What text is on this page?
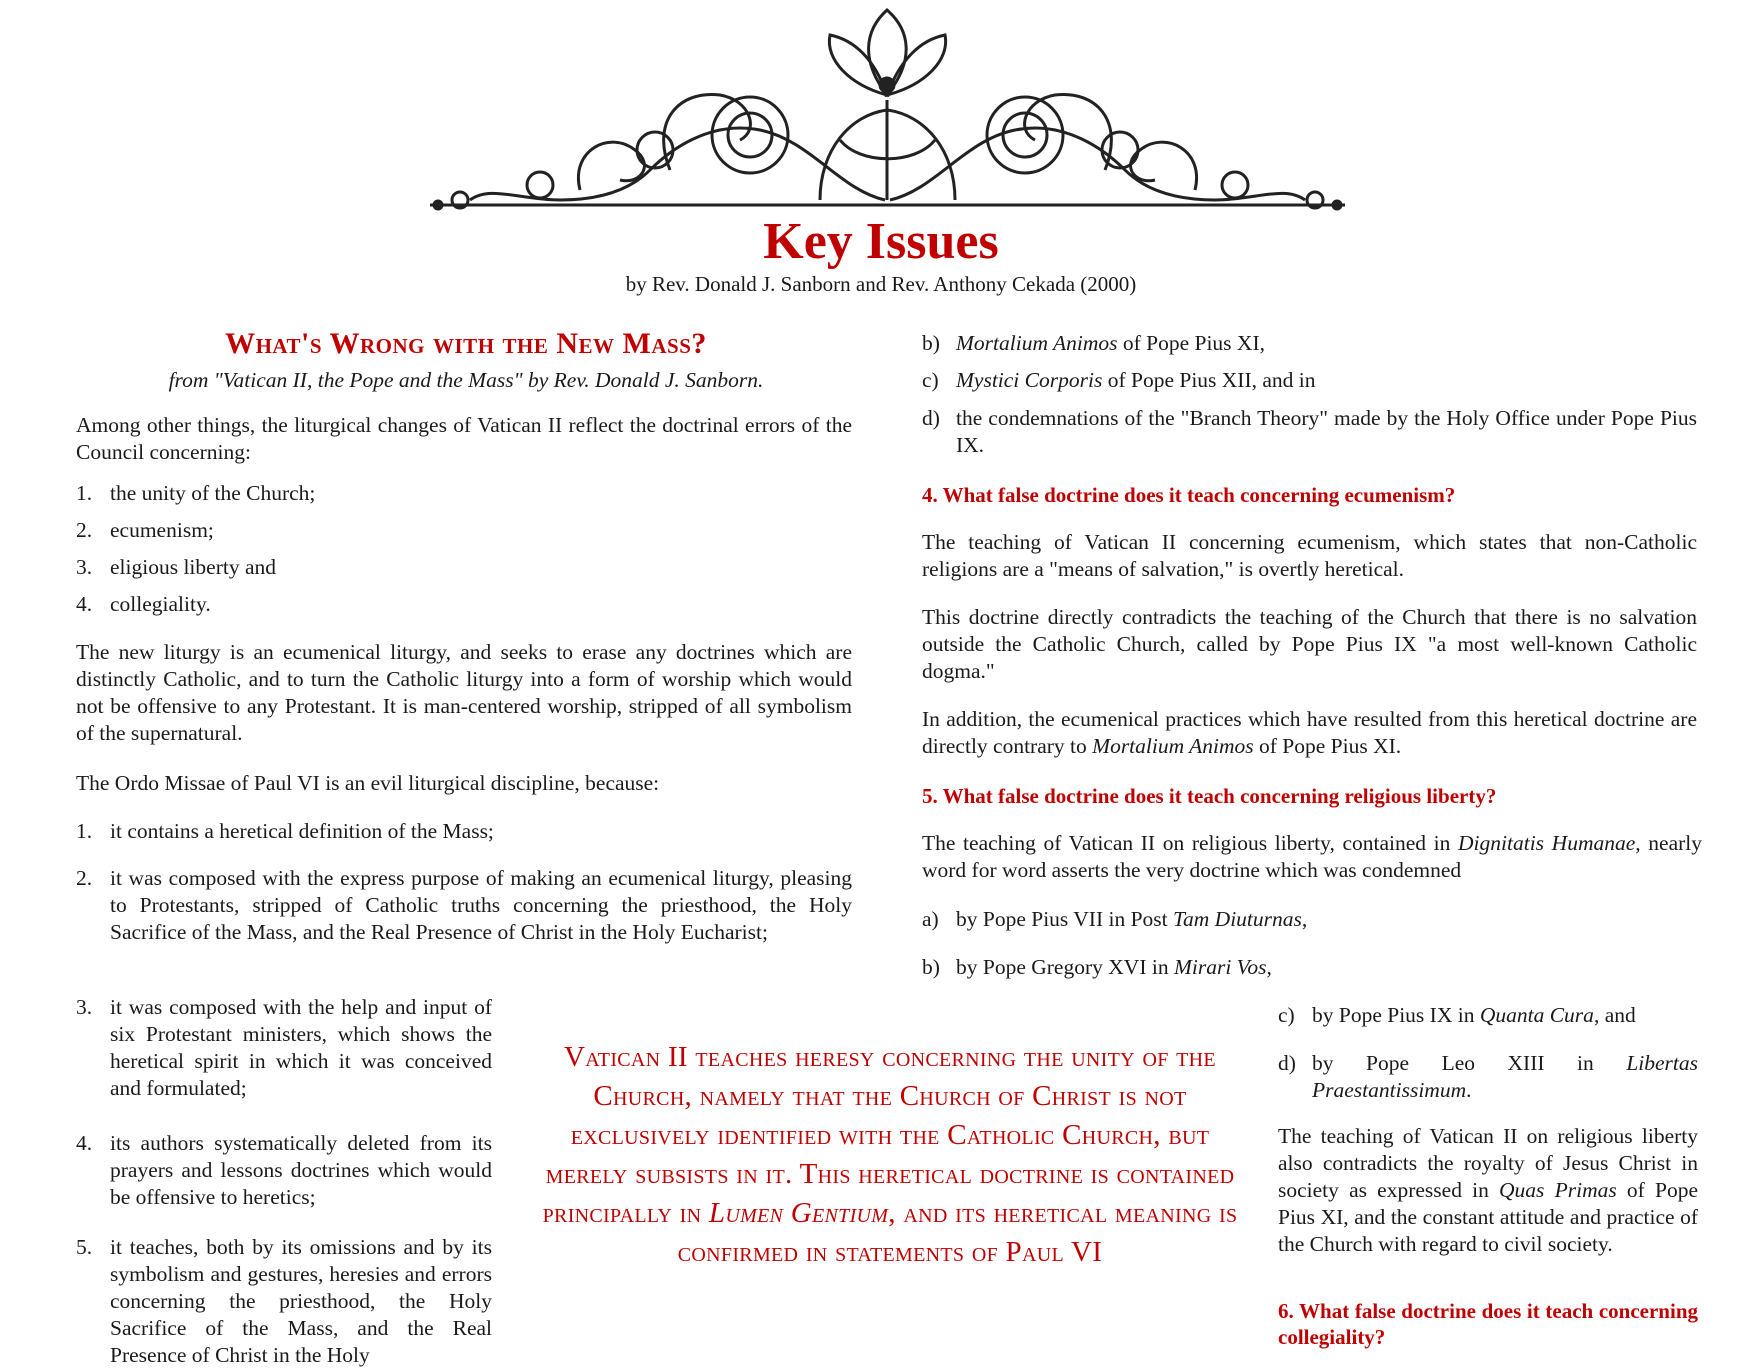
Key Issues
by Rev. Donald J. Sanborn and Rev. Anthony Cekada (2000)
What's Wrong with the New Mass?
from "Vatican II, the Pope and the Mass" by Rev. Donald J. Sanborn.

Among other things, the liturgical changes of Vatican II reflect the doctrinal errors of the Council concerning:

1. the unity of the Church;
2. ecumenism;
3. eligious liberty and
4. collegiality.

The new liturgy is an ecumenical liturgy, and seeks to erase any doctrines which are distinctly Catholic, and to turn the Catholic liturgy into a form of worship which would not be offensive to any Protestant. It is man-centered worship, stripped of all symbolism of the supernatural.

The Ordo Missae of Paul VI is an evil liturgical discipline, because:

1. it contains a heretical definition of the Mass;
2. it was composed with the express purpose of making an ecumenical liturgy, pleasing to Protestants, stripped of Catholic truths concerning the priesthood, the Holy Sacrifice of the Mass, and the Real Presence of Christ in the Holy Eucharist;
3. it was composed with the help and input of six Protestant ministers, which shows the heretical spirit in which it was conceived and formulated;
4. its authors systematically deleted from its prayers and lessons doctrines which would be offensive to heretics;
5. it teaches, both by its omissions and by its symbolism and gestures, heresies and errors concerning the priesthood, the Holy Sacrifice of the Mass, and the Real Presence of Christ in the Holy
Vatican II teaches heresy concerning the unity of the Church, namely that the Church of Christ is not exclusively identified with the Catholic Church, but merely subsists in it. This heretical doctrine is contained principally in Lumen Gentium, and its heretical meaning is confirmed in statements of Paul VI
b) Mortalium Animos of Pope Pius XI,
c) Mystici Corporis of Pope Pius XII, and in
d) the condemnations of the "Branch Theory" made by the Holy Office under Pope Pius IX.

4. What false doctrine does it teach concerning ecumenism?

The teaching of Vatican II concerning ecumenism, which states that non-Catholic religions are a "means of salvation," is overtly heretical.

This doctrine directly contradicts the teaching of the Church that there is no salvation outside the Catholic Church, called by Pope Pius IX "a most well-known Catholic dogma."

In addition, the ecumenical practices which have resulted from this heretical doctrine are directly contrary to Mortalium Animos of Pope Pius XI.

5. What false doctrine does it teach concerning religious liberty?

The teaching of Vatican II on religious liberty, contained in Dignitatis Humanae, nearly word for word asserts the very doctrine which was condemned

a) by Pope Pius VII in Post Tam Diuturnas,
b) by Pope Gregory XVI in Mirari Vos,
c) by Pope Pius IX in Quanta Cura, and
d) by Pope Leo XIII in Libertas Praestantissimum.

The teaching of Vatican II on religious liberty also contradicts the royalty of Jesus Christ in society as expressed in Quas Primas of Pope Pius XI, and the constant attitude and practice of the Church with regard to civil society.

6. What false doctrine does it teach concerning collegiality?
